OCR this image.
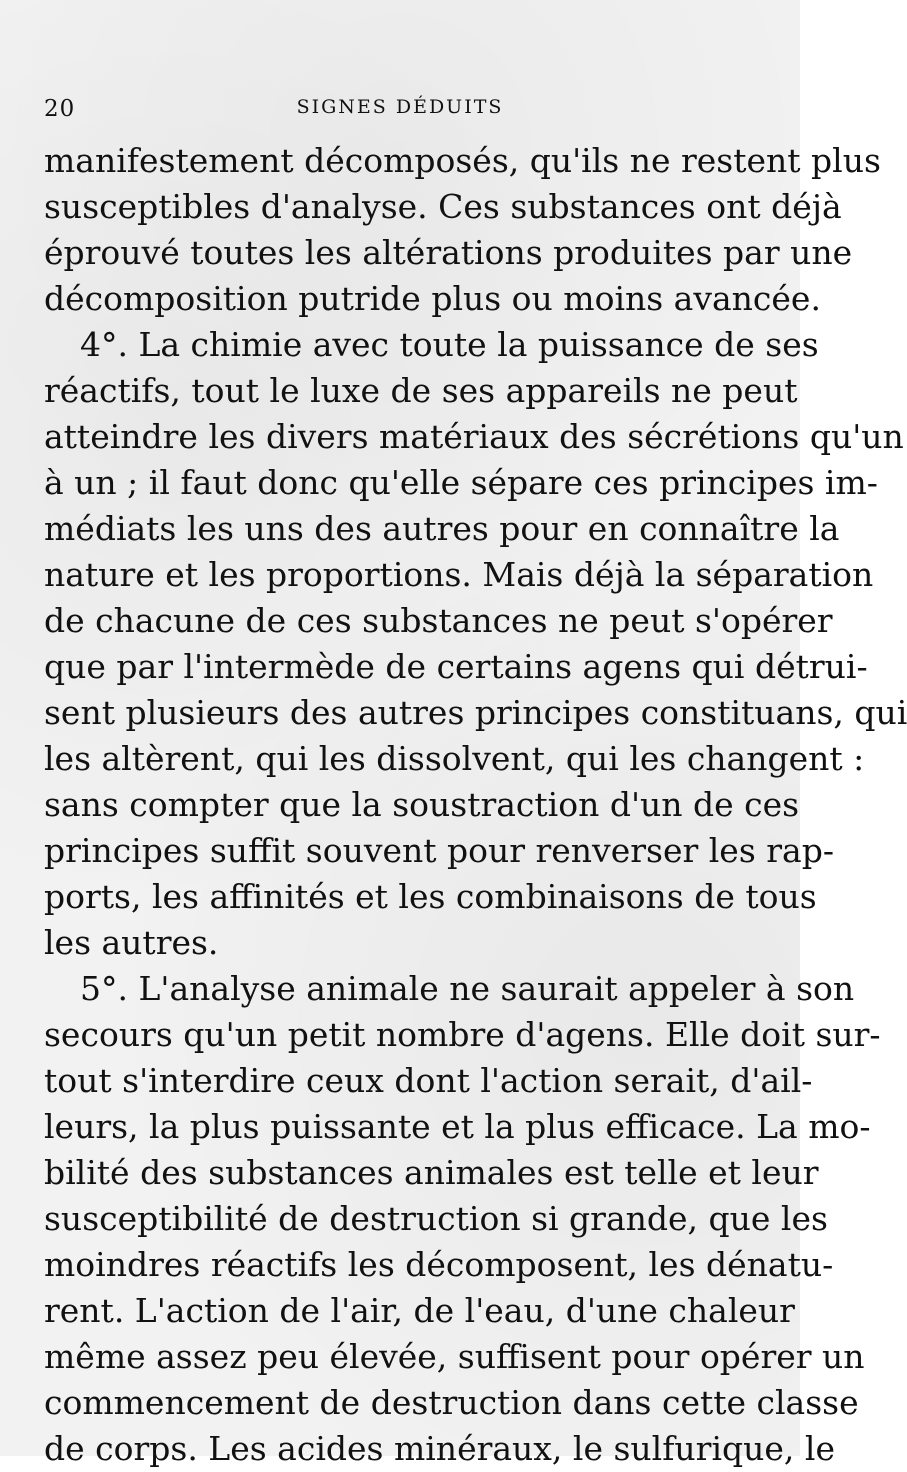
20	SIGNES DÉDUITS
manifestement décomposés, qu'ils ne restent plus
susceptibles d'analyse. Ces substances ont déjà
éprouvé toutes les altérations produites par une
décomposition putride plus ou moins avancée.
4°. La chimie avec toute la puissance de ses
réactifs, tout le luxe de ses appareils ne peut
atteindre les divers matériaux des sécrétions qu'un
à un ; il faut donc qu'elle sépare ces principes im-
médiats les uns des autres pour en connaître la
nature et les proportions. Mais déjà la séparation
de chacune de ces substances ne peut s'opérer
que par l'intermède de certains agens qui détrui-
sent plusieurs des autres principes constituans, qui
les altèrent, qui les dissolvent, qui les changent :
sans compter que la soustraction d'un de ces
principes suffit souvent pour renverser les rap-
ports, les affinités et les combinaisons de tous
les autres.
5°. L'analyse animale ne saurait appeler à son
secours qu'un petit nombre d'agens. Elle doit sur-
tout s'interdire ceux dont l'action serait, d'ail-
leurs, la plus puissante et la plus efficace. La mo-
bilité des substances animales est telle et leur
susceptibilité de destruction si grande, que les
moindres réactifs les décomposent, les dénatu-
rent. L'action de l'air, de l'eau, d'une chaleur
même assez peu élevée, suffisent pour opérer un
commencement de destruction dans cette classe
de corps. Les acides minéraux, le sulfurique, le
